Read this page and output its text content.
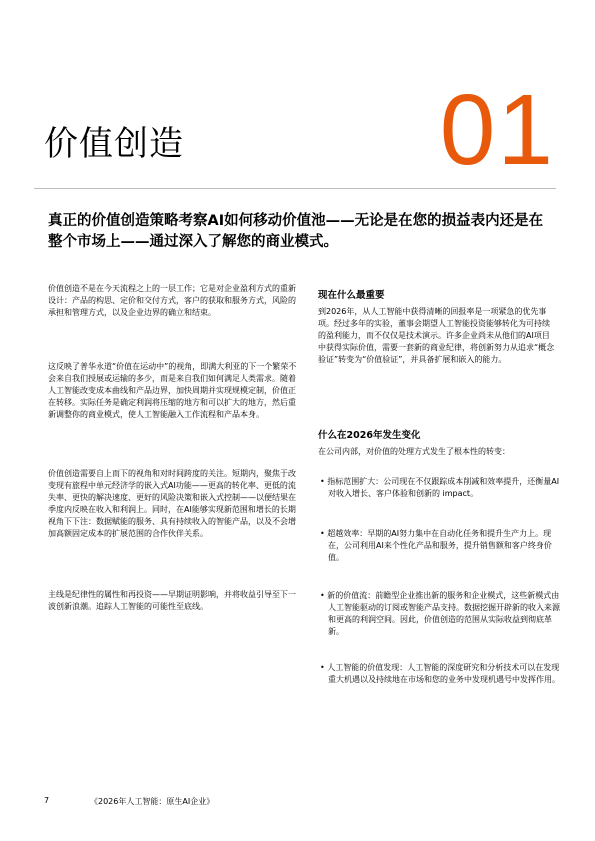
价值创造	01
真正的价值创造策略考察AI如何移动价值池——无论是在您的损益表内还是在整个市场上——通过深入了解您的商业模式。

价值创造不是在今天流程之上的一层工作；它是对企业盈利方式的重新设计：产品的构思、定价和交付方式，客户的获取和服务方式，风险的承担和管理方式，以及企业边界的确立和结束。

这反映了普华永道“价值在运动中”的视角，即满大利亚的下一个繁荣不会来自我们授展或运输的多少，而是来自我们如何满足人类需求。随着人工智能改变成本曲线和产品边界，加快周期并实现规模定制，价值正在转移。实际任务是确定利润将压缩的地方和可以扩大的地方，然后重新调整你的商业模式，使人工智能融入工作流程和产品本身。

价值创造需要自上而下的视角和对时间跨度的关注。短期内，聚焦于改变现有旅程中单元经济学的嵌入式AI功能——更高的转化率、更低的流失率、更快的解决速度、更好的风险决策和嵌入式控制——以便结果在季度内反映在收入和利润上。同时，在AI能够实现新范围和增长的长期视角下下注：数据赋能的服务、具有持续收入的智能产品，以及不会增加高额固定成本的扩展范围的合作伙伴关系。

主线是纪律性的属性和再投资——早期证明影响，并将收益引导至下一波创新浪潮。追踪人工智能的可能性至底线。

现在什么最重要

到2026年，从人工智能中获得清晰的回报率是一项紧急的优先事项。经过多年的实验，董事会期望人工智能投资能够转化为可持续的盈利能力，而不仅仅是技术演示。许多企业尚未从他们的AI项目中获得实际价值，需要一套新的商业纪律，将创新努力从追求“概念验证”转变为“价值验证”，并具备扩展和嵌入的能力。

什么在2026年发生变化

在公司内部，对价值的处理方式发生了根本性的转变：

• 指标范围扩大：公司现在不仅跟踪成本削减和效率提升，还衡量AI对收入增长、客户体验和创新的 impact。

• 超越效率：早期的AI努力集中在自动化任务和提升生产力上。现在，公司利用AI来个性化产品和服务，提升销售额和客户终身价值。

• 新的价值流：前瞻型企业推出新的服务和企业模式，这些新模式由人工智能驱动的订阅或智能产品支持。数据挖掘开辟新的收入来源和更高的利润空间。因此，价值创造的范围从实际收益到彻底革新。

• 人工智能的价值发现：人工智能的深度研究和分析技术可以在发现重大机遇以及持续地在市场和您的业务中发现机遇号中发挥作用。

7	《2026年人工智能：原生AI企业》
